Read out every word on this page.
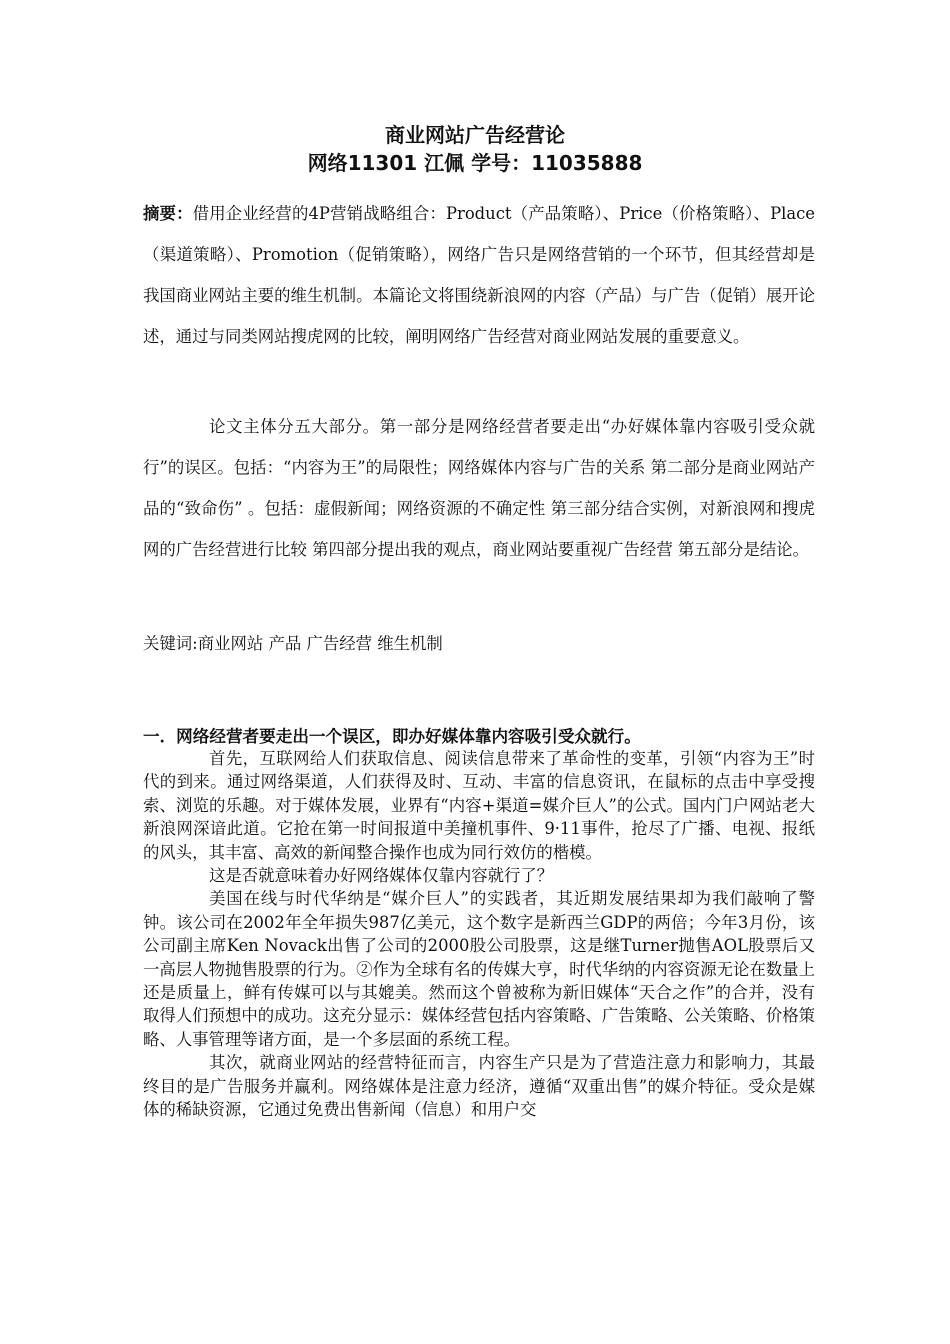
商业网站广告经营论
网络11301 江佩 学号：11035888
摘要：借用企业经营的4P营销战略组合：Product（产品策略）、Price（价格策略）、Place（渠道策略）、Promotion（促销策略），网络广告只是网络营销的一个环节，但其经营却是我国商业网站主要的维生机制。本篇论文将围绕新浪网的内容（产品）与广告（促销）展开论述，通过与同类网站搜虎网的比较，阐明网络广告经营对商业网站发展的重要意义。
论文主体分五大部分。第一部分是网络经营者要走出“办好媒体靠内容吸引受众就行”的误区。包括：“内容为王”的局限性；网络媒体内容与广告的关系 第二部分是商业网站产品的“致命伤” 。包括：虚假新闻；网络资源的不确定性 第三部分结合实例，对新浪网和搜虎网的广告经营进行比较 第四部分提出我的观点，商业网站要重视广告经营 第五部分是结论。
关键词:商业网站 产品 广告经营 维生机制
一．网络经营者要走出一个误区，即办好媒体靠内容吸引受众就行。

首先，互联网给人们获取信息、阅读信息带来了革命性的变革，引领“内容为王”时代的到来。通过网络渠道，人们获得及时、互动、丰富的信息资讯，在鼠标的点击中享受搜索、浏览的乐趣。对于媒体发展，业界有“内容+渠道=媒介巨人”的公式。国内门户网站老大新浪网深谙此道。它抢在第一时间报道中美撞机事件、9·11事件，抢尽了广播、电视、报纸的风头，其丰富、高效的新闻整合操作也成为同行效仿的楷模。

这是否就意味着办好网络媒体仅靠内容就行了？

美国在线与时代华纳是“媒介巨人”的实践者，其近期发展结果却为我们敲响了警钟。该公司在2002年全年损失987亿美元，这个数字是新西兰GDP的两倍；今年3月份，该公司副主席Ken Novack出售了公司的2000股公司股票，这是继Turner抛售AOL股票后又一高层人物抛售股票的行为。②作为全球有名的传媒大亨，时代华纳的内容资源无论在数量上还是质量上，鲜有传媒可以与其媲美。然而这个曾被称为新旧媒体“天合之作”的合并，没有取得人们预想中的成功。这充分显示：媒体经营包括内容策略、广告策略、公关策略、价格策略、人事管理等诸方面，是一个多层面的系统工程。

其次，就商业网站的经营特征而言，内容生产只是为了营造注意力和影响力，其最终目的是广告服务并赢利。网络媒体是注意力经济，遵循“双重出售”的媒介特征。受众是媒体的稀缺资源，它通过免费出售新闻（信息）和用户交
